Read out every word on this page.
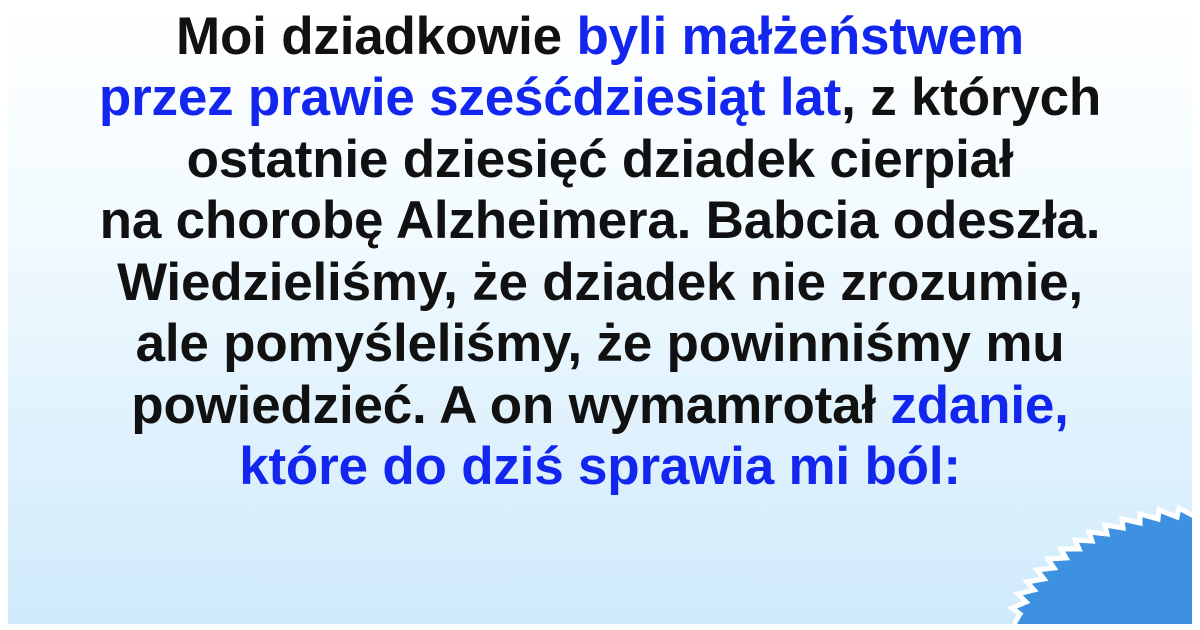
Moi dziadkowie byli małżeństwem
przez prawie sześćdziesiąt lat, z których
ostatnie dziesięć dziadek cierpiał
na chorobę Alzheimera. Babcia odeszła.
Wiedzieliśmy, że dziadek nie zrozumie,
ale pomyśleliśmy, że powinniśmy mu
powiedzieć. A on wymamrotał zdanie,
które do dziś sprawia mi ból:
